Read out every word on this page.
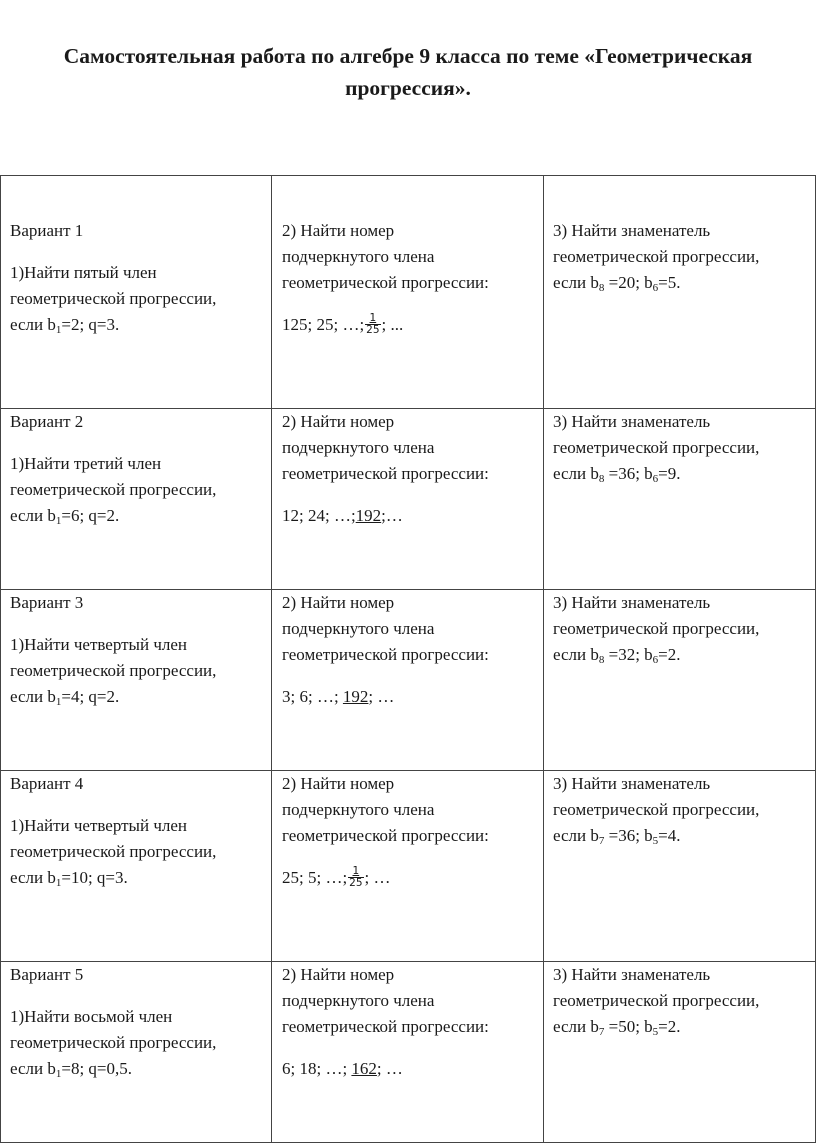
Самостоятельная работа по алгебре 9 класса по теме «Геометрическая
прогрессия».

Вариант 1

1)Найти пятый член

геометрической прогрессии,

если $b_1=2$; q=3.

2) Найти номер

подчеркнутого члена

геометрической прогрессии:

125; 25; …; $\frac{1}{25}$ ; ...

3) Найти знаменатель

геометрической прогрессии,

если $b_8 =20$; $b_6=5$.

Вариант 2

1)Найти третий член

геометрической прогрессии,

если $b_1=6$; q=2.

2) Найти номер

подчеркнутого члена

геометрической прогрессии:

12; 24; …;192;…

3) Найти знаменатель

геометрической прогрессии,

если $b_8 =36$; $b_6=9$.

Вариант 3

1)Найти четвертый член

геометрической прогрессии,

если $b_1=4$; q=2.

2) Найти номер

подчеркнутого члена

геометрической прогрессии:

3; 6; …; 192; …

3) Найти знаменатель

геометрической прогрессии,

если $b_8 =32$; $b_6=2$.

Вариант 4

1)Найти четвертый член

геометрической прогрессии,

если $b_1=10$; q=3.

2) Найти номер

подчеркнутого члена

геометрической прогрессии:

25; 5; …; $\frac{1}{25}$ ; …

3) Найти знаменатель

геометрической прогрессии,

если $b_7 =36$; $b_5=4$.

Вариант 5

1)Найти восьмой член

геометрической прогрессии,

если $b_1=8$; q=0,5.

2) Найти номер

подчеркнутого члена

геометрической прогрессии:

6; 18; …; 162; …

3) Найти знаменатель

геометрической прогрессии,

если $b_7 =50$; $b_5=2$.
